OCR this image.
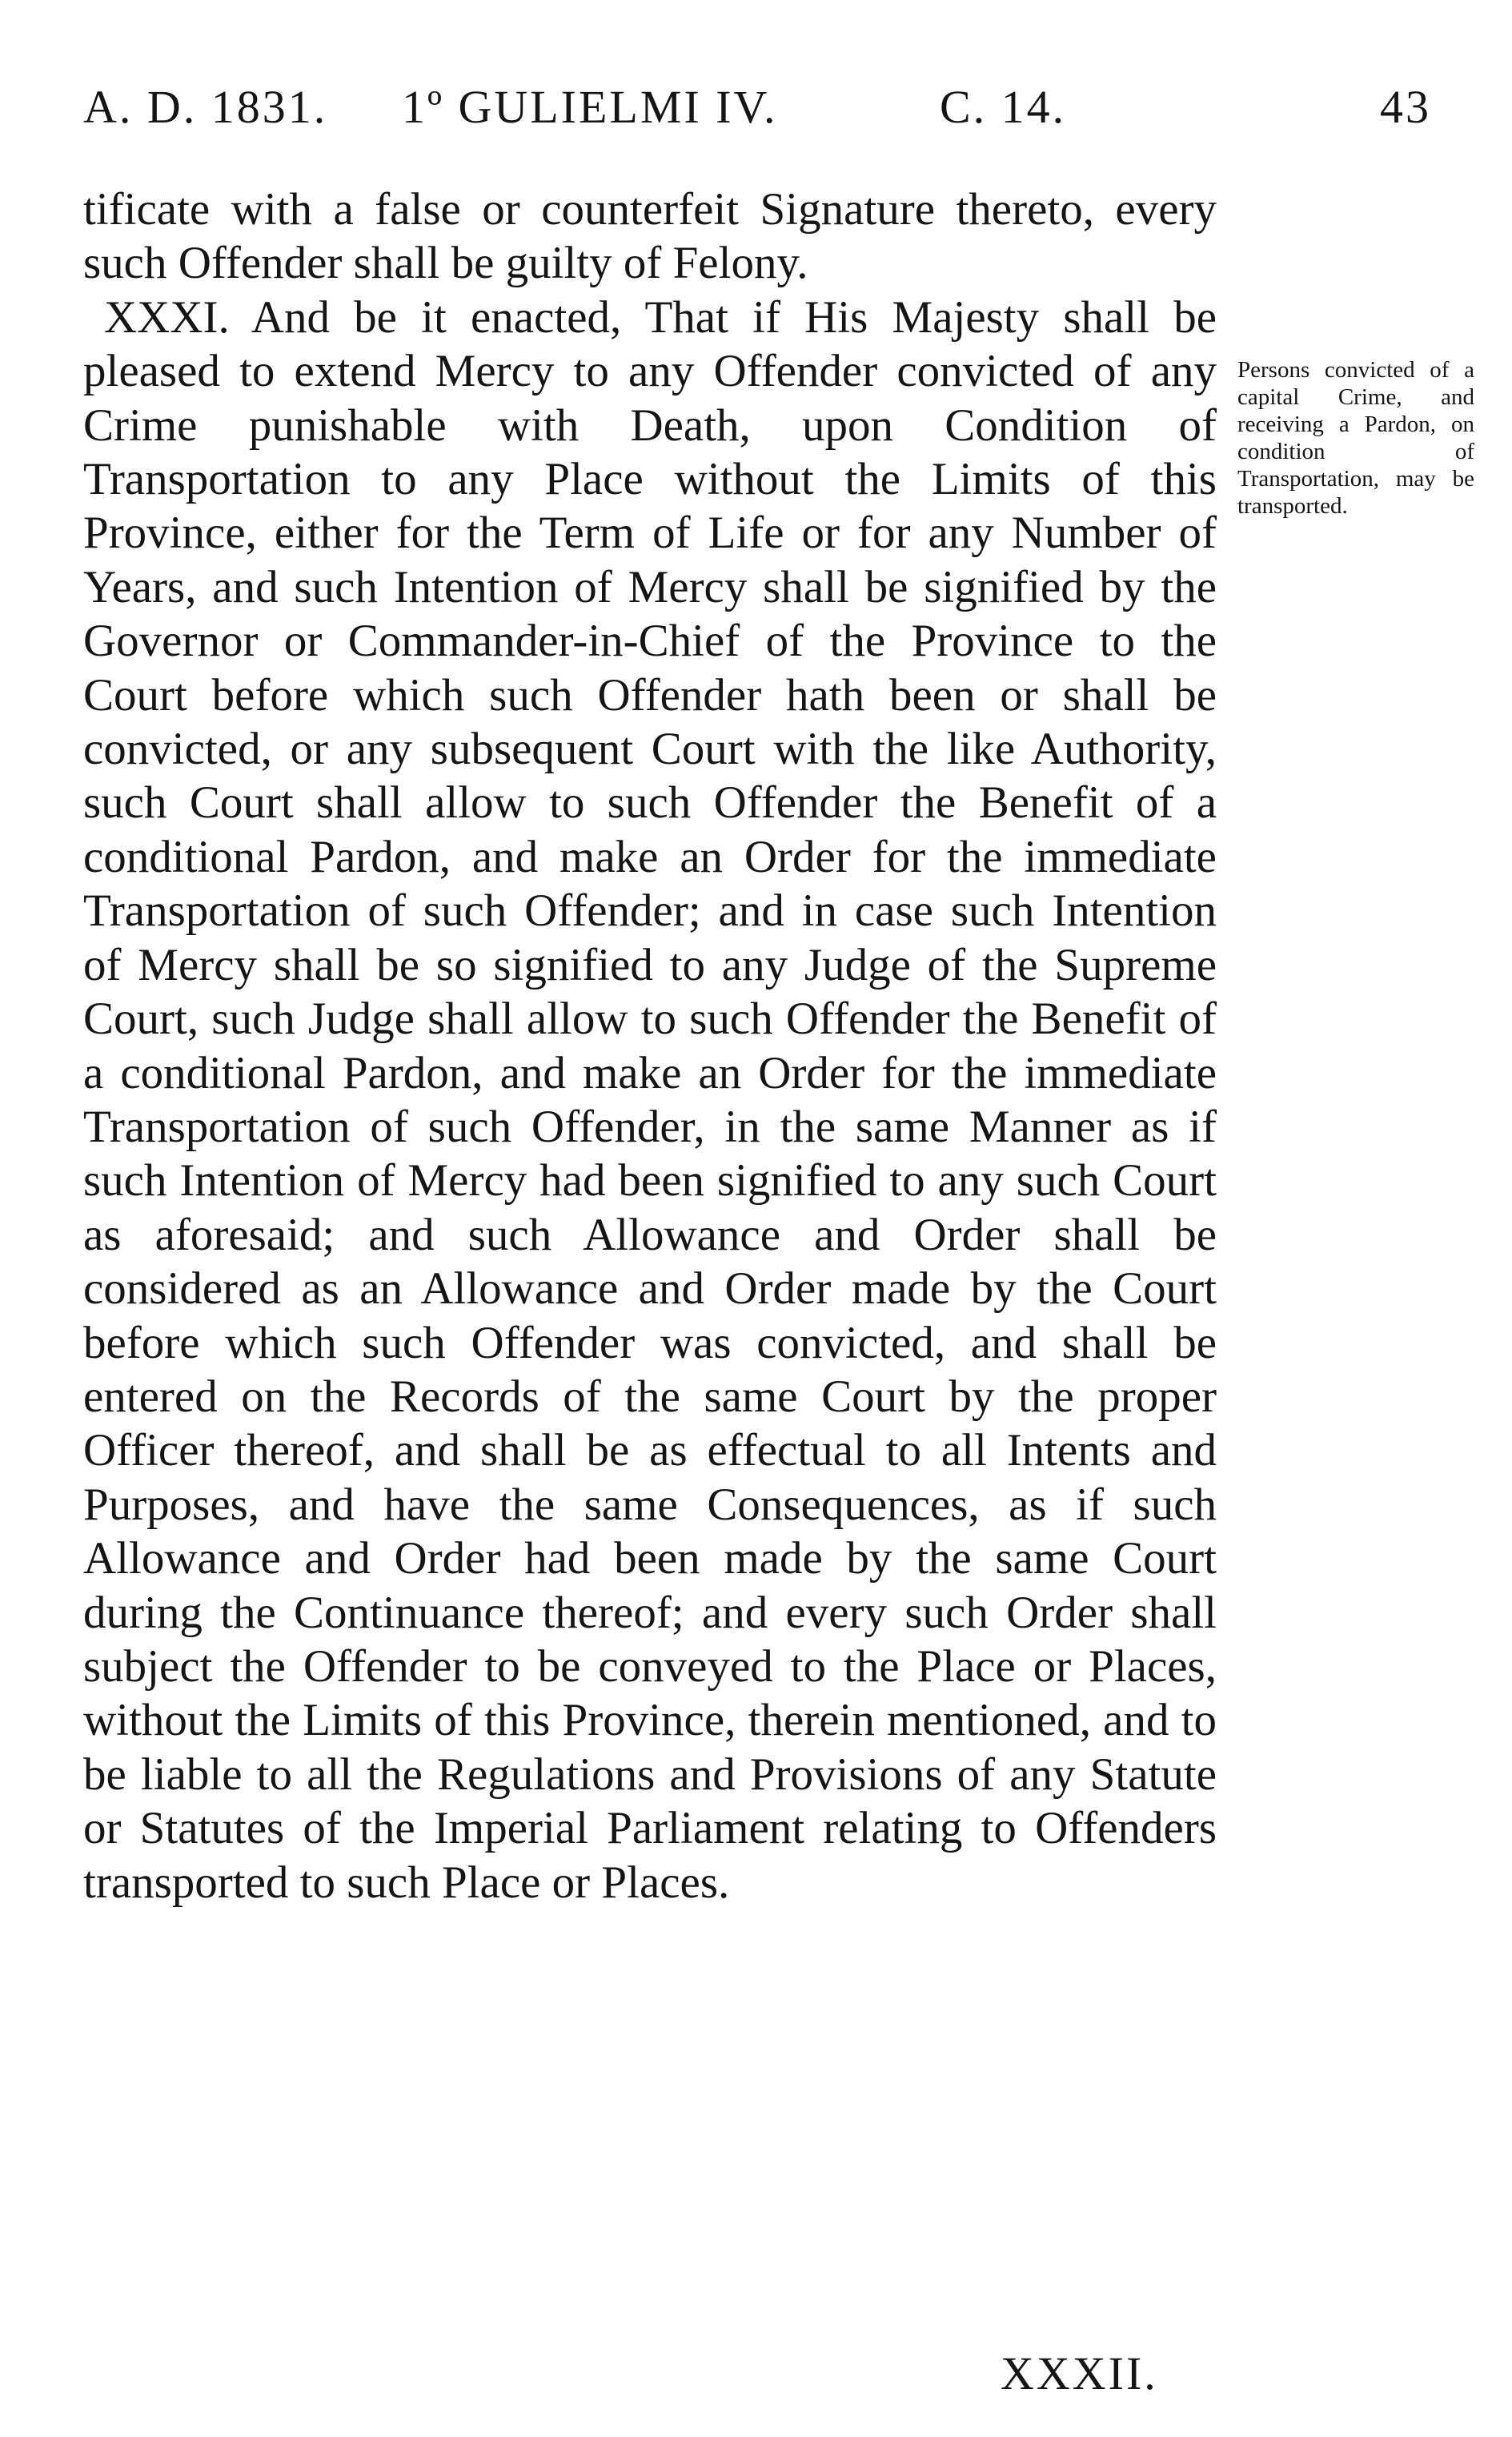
A. D. 1831. 1º GULIELMI IV.	C. 14.	43

tificate with a false or counterfeit Signature thereto, every such Offender shall be guilty of Felony.

XXXI. And be it enacted, That if His Majesty shall be pleased to extend Mercy to any Offender convicted of any Crime punishable with Death, upon Condition of Transportation to any Place without the Limits of this Province, either for the Term of Life or for any Number of Years, and such Intention of Mercy shall be signified by the Governor or Commander-in-Chief of the Province to the Court before which such Offender hath been or shall be convicted, or any subsequent Court with the like Authority, such Court shall allow to such Offender the Benefit of a conditional Pardon, and make an Order for the immediate Transportation of such Offender; and in case such Intention of Mercy shall be so signified to any Judge of the Supreme Court, such Judge shall allow to such Offender the Benefit of a conditional Pardon, and make an Order for the immediate Transportation of such Offender, in the same Manner as if such Intention of Mercy had been signified to any such Court as aforesaid; and such Allowance and Order shall be considered as an Allowance and Order made by the Court before which such Offender was convicted, and shall be entered on the Records of the same Court by the proper Officer thereof, and shall be as effectual to all Intents and Purposes, and have the same Consequences, as if such Allowance and Order had been made by the same Court during the Continuance thereof; and every such Order shall subject the Offender to be conveyed to the Place or Places, without the Limits of this Province, therein mentioned, and to be liable to all the Regulations and Provisions of any Statute or Statutes of the Imperial Parliament relating to Offenders transported to such Place or Places.

Persons convicted of a capital Crime, and receiving a Pardon, on condition of Transportation, may be transported.
XXXII.
